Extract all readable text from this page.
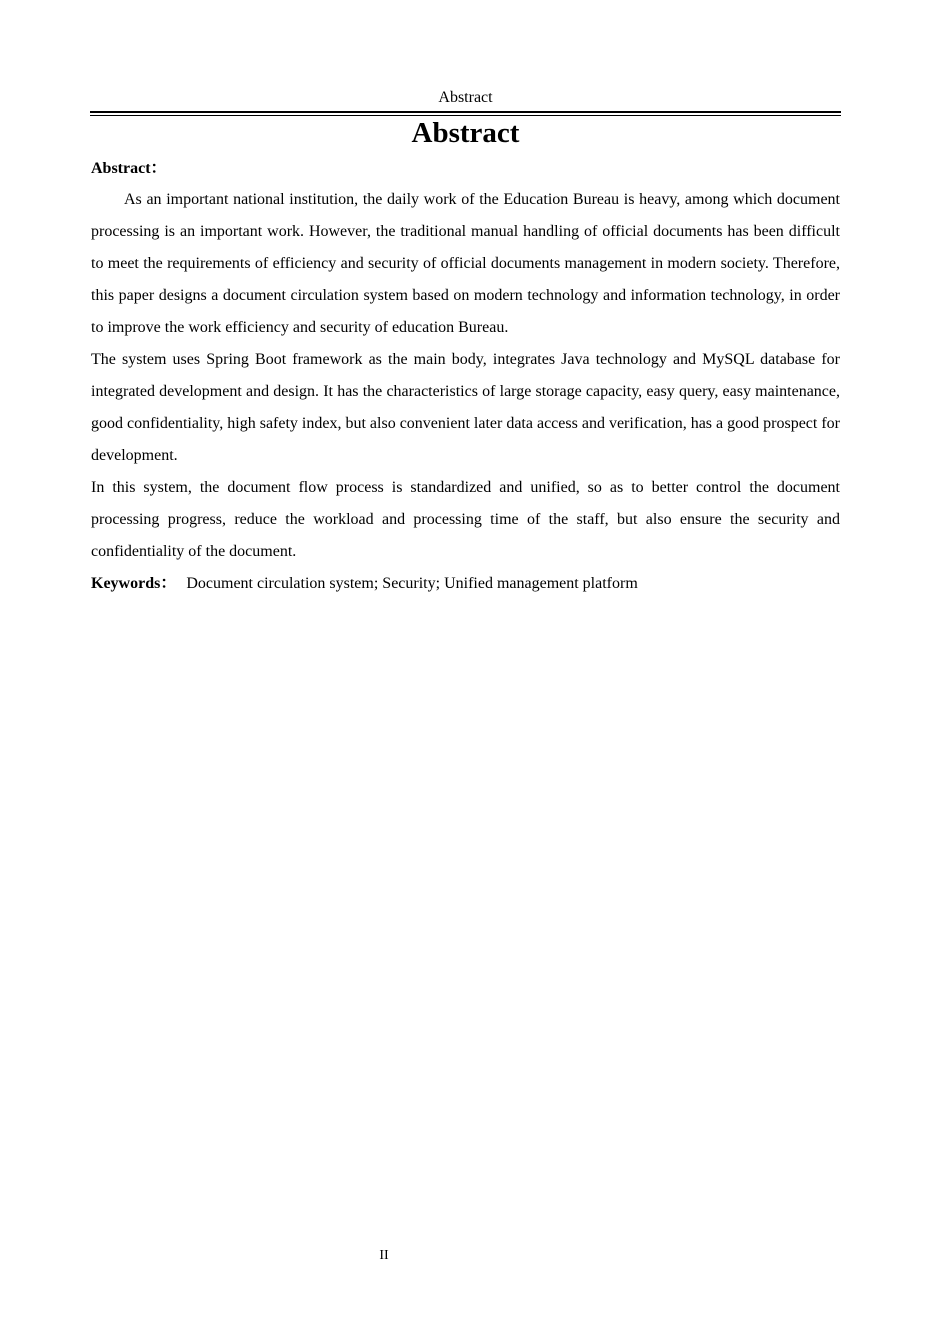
Abstract
Abstract
Abstract：

As an important national institution, the daily work of the Education Bureau is heavy, among which document processing is an important work. However, the traditional manual handling of official documents has been difficult to meet the requirements of efficiency and security of official documents management in modern society. Therefore, this paper designs a document circulation system based on modern technology and information technology, in order to improve the work efficiency and security of education Bureau.

The system uses Spring Boot framework as the main body, integrates Java technology and MySQL database for integrated development and design. It has the characteristics of large storage capacity, easy query, easy maintenance, good confidentiality, high safety index, but also convenient later data access and verification, has a good prospect for development.

In this system, the document flow process is standardized and unified, so as to better control the document processing progress, reduce the workload and processing time of the staff, but also ensure the security and confidentiality of the document.

Keywords： Document circulation system; Security; Unified management platform

II
